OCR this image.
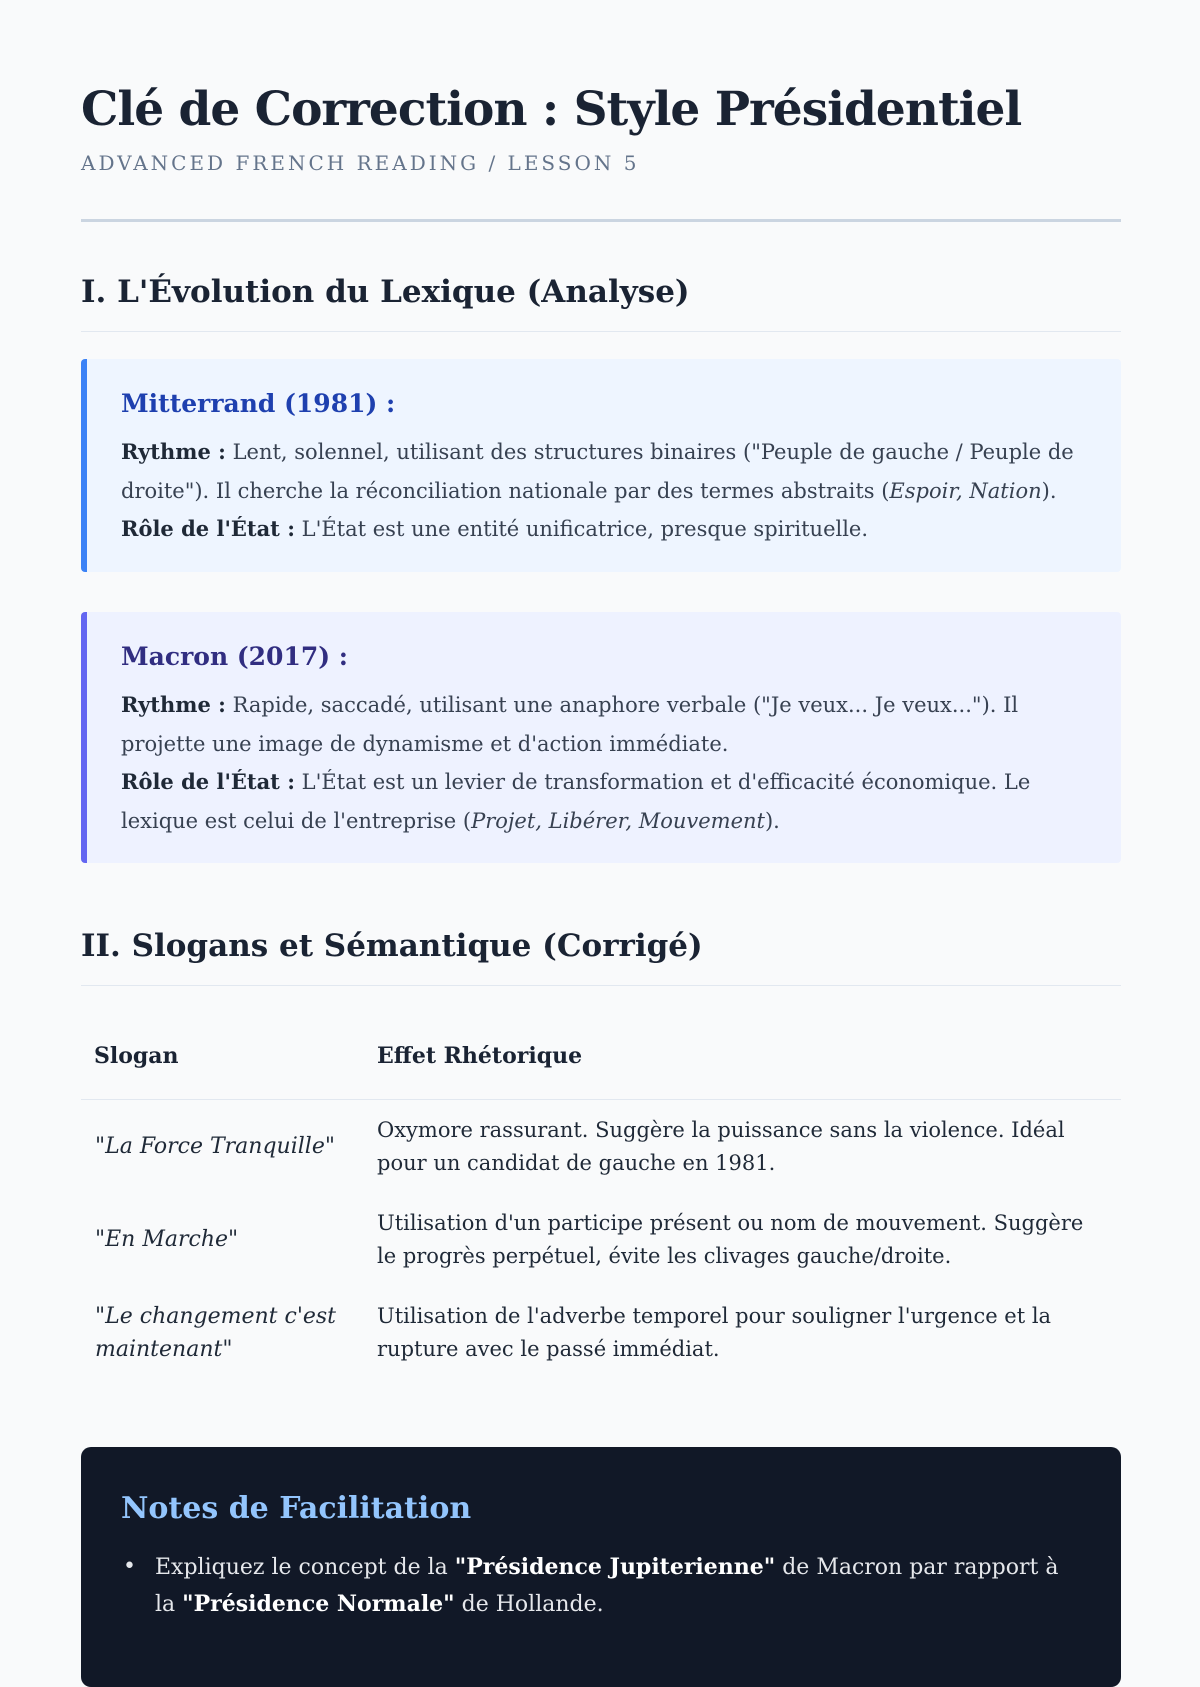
Clé de Correction : Style Présidentiel
ADVANCED FRENCH READING / LESSON 5
I. L'Évolution du Lexique (Analyse)
Mitterrand (1981) :

Rythme : Lent, solennel, utilisant des structures binaires ("Peuple de gauche / Peuple de droite"). Il cherche la réconciliation nationale par des termes abstraits (Espoir, Nation).

Rôle de l'État : L'État est une entité unificatrice, presque spirituelle.

Macron (2017) :

Rythme : Rapide, saccadé, utilisant une anaphore verbale ("Je veux... Je veux..."). Il projette une image de dynamisme et d'action immédiate.

Rôle de l'État : L'État est un levier de transformation et d'efficacité économique. Le lexique est celui de l'entreprise (Projet, Libérer, Mouvement).

II. Slogans et Sémantique (Corrigé)
Slogan	Effet Rhétorique
"La Force Tranquille"
Oxymore rassurant. Suggère la puissance sans la violence. Idéal pour un candidat de gauche en 1981.
"En Marche"
Utilisation d'un participe présent ou nom de mouvement. Suggère le progrès perpétuel, évite les clivages gauche/droite.
"Le changement c'est maintenant"
Utilisation de l'adverbe temporel pour souligner l'urgence et la rupture avec le passé immédiat.
Notes de Facilitation
• Expliquez le concept de la "Présidence Jupiterienne" de Macron par rapport à la "Présidence Normale" de Hollande.
